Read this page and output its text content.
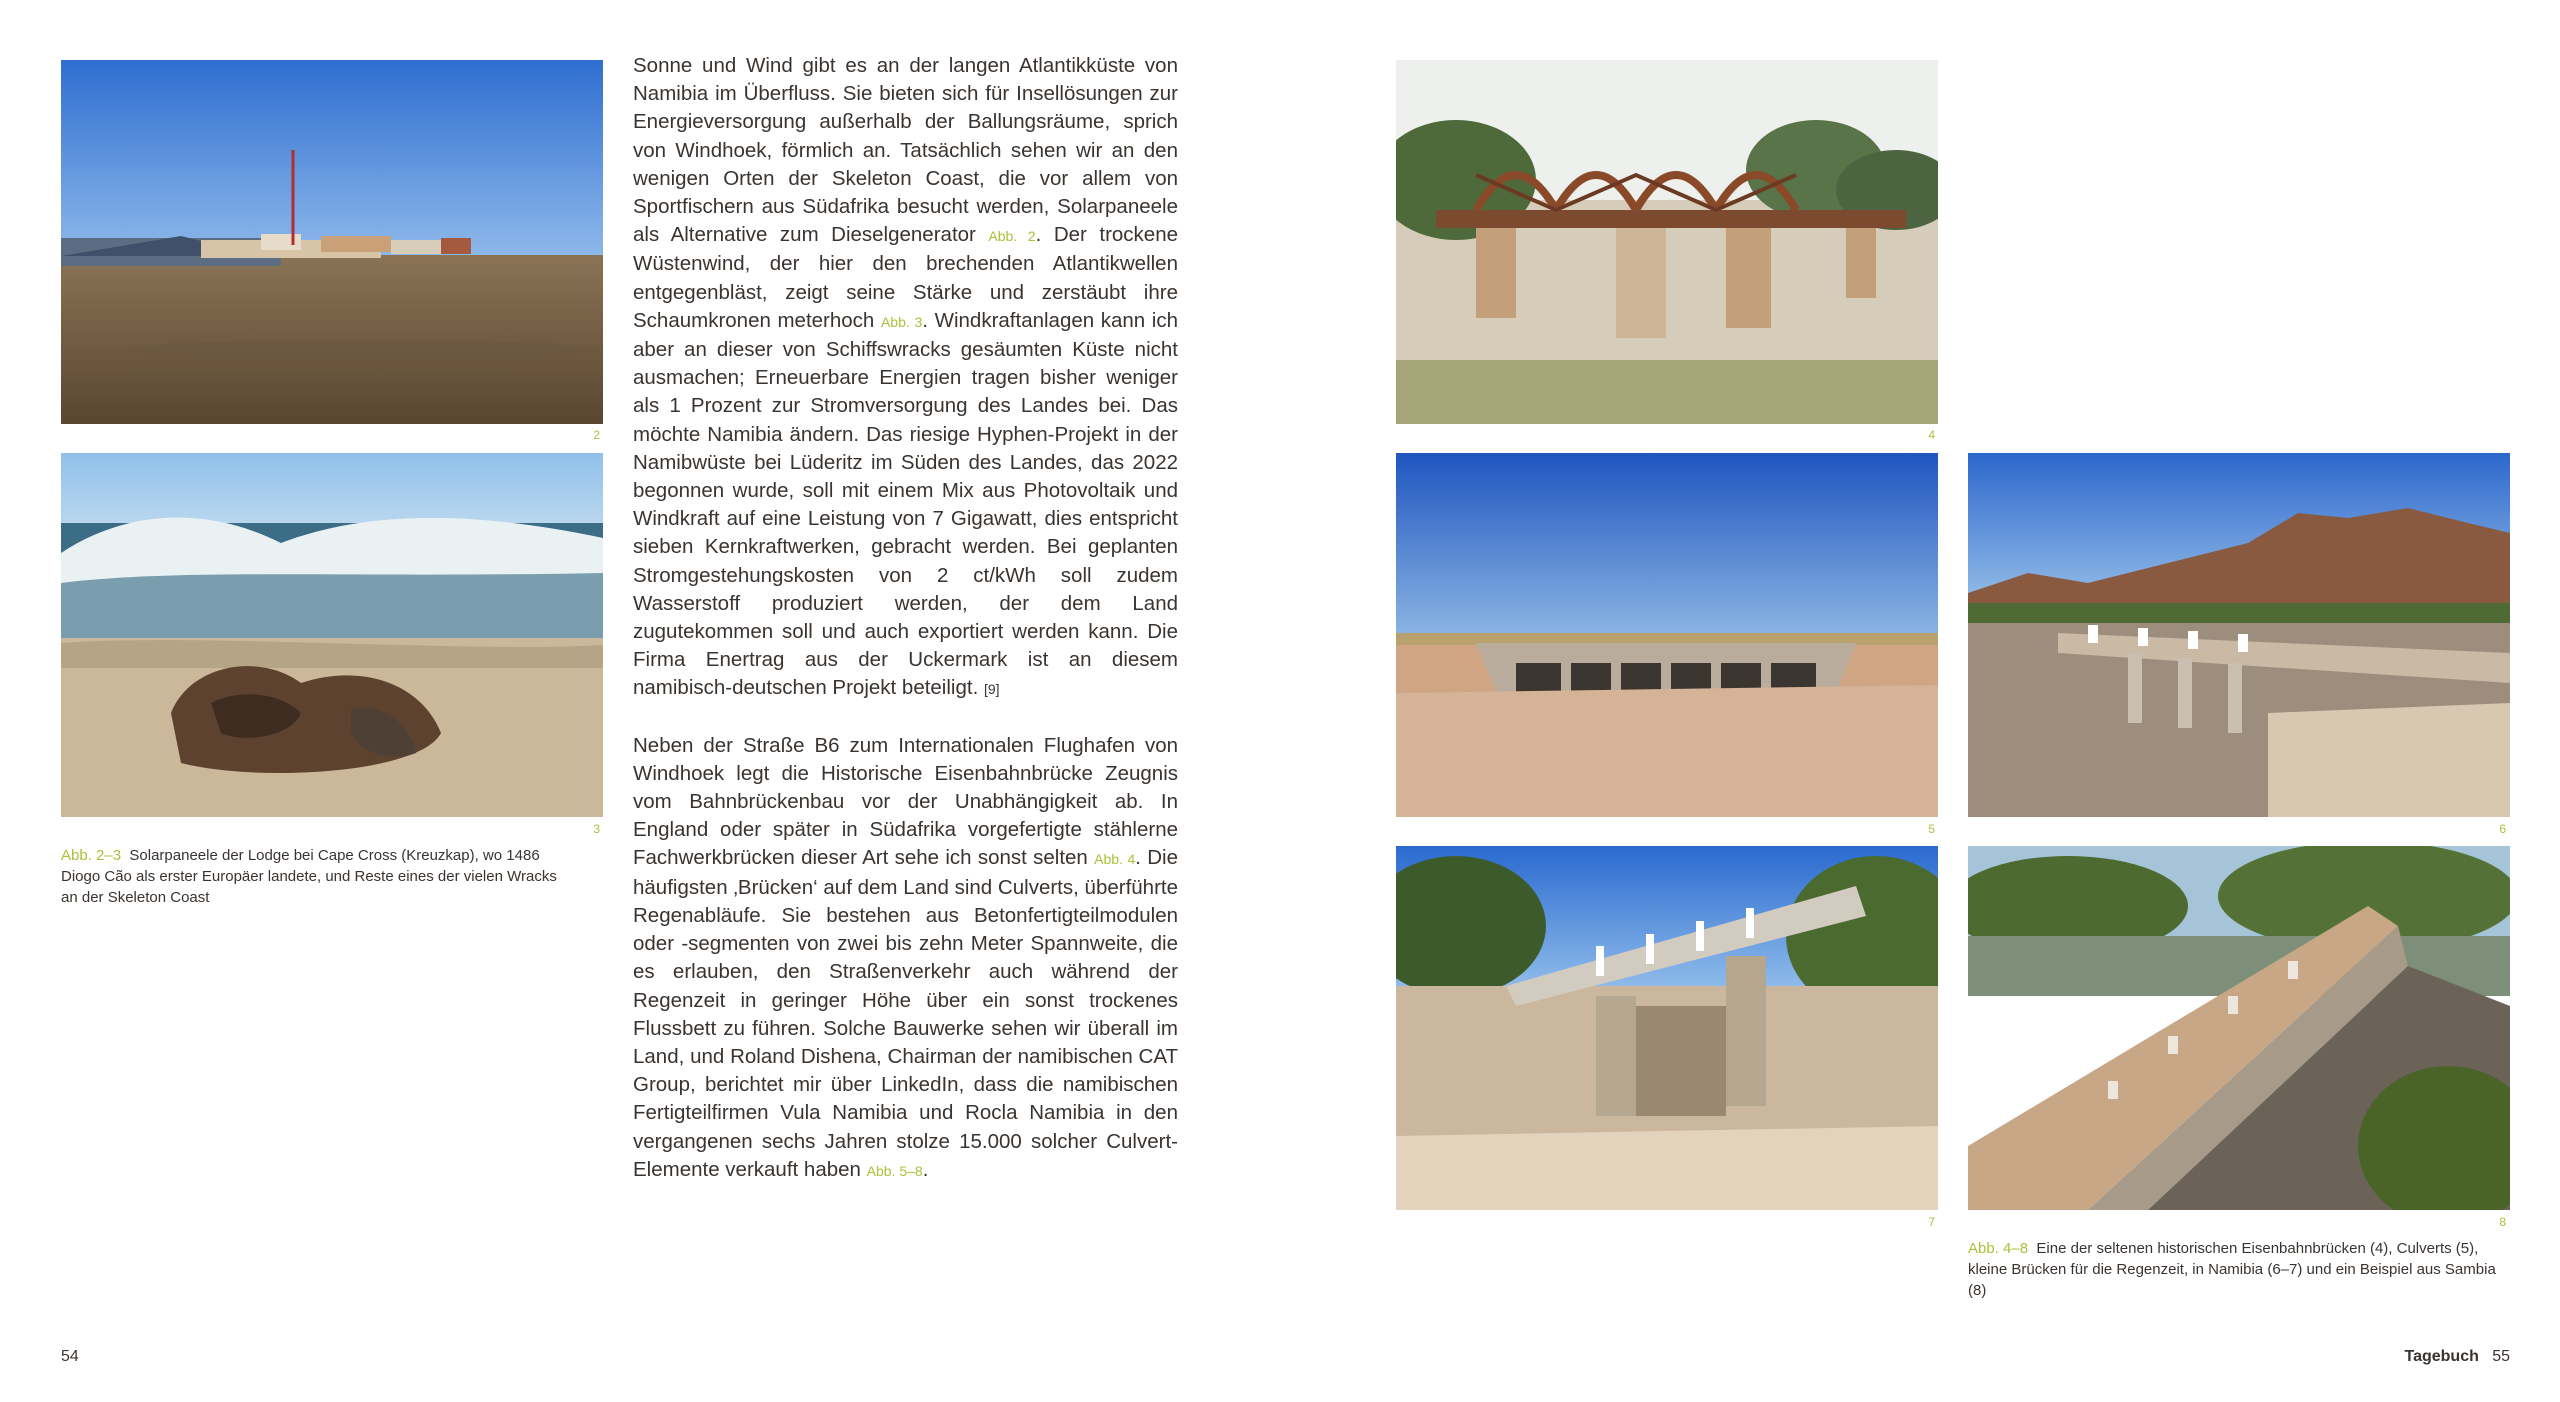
2
3
Abb. 2–3 Solarpaneele der Lodge bei Cape Cross (Kreuzkap), wo 1486 Diogo Cão als erster Europäer landete, und Reste eines der vielen Wracks an der Skeleton Coast

Sonne und Wind gibt es an der langen Atlantikküste von Namibia im Überfluss. Sie bieten sich für Insellösungen zur Energieversorgung außerhalb der Ballungsräume, sprich von Windhoek, förmlich an. Tatsächlich sehen wir an den wenigen Orten der Skeleton Coast, die vor allem von Sportfischern aus Südafrika besucht werden, Solarpaneele als Alternative zum Dieselgenerator Abb. 2. Der trockene Wüstenwind, der hier den brechenden Atlantikwellen entgegenbläst, zeigt seine Stärke und zerstäubt ihre Schaumkronen meterhoch Abb. 3. Windkraftanlagen kann ich aber an dieser von Schiffswracks gesäumten Küste nicht ausmachen; Erneuerbare Energien tragen bisher weniger als 1 Prozent zur Stromversorgung des Landes bei. Das möchte Namibia ändern. Das riesige Hyphen-Projekt in der Namibwüste bei Lüderitz im Süden des Landes, das 2022 begonnen wurde, soll mit einem Mix aus Photovoltaik und Windkraft auf eine Leistung von 7 Gigawatt, dies entspricht sieben Kernkraftwerken, gebracht werden. Bei geplanten Stromgestehungskosten von 2 ct/kWh soll zudem Wasserstoff produziert werden, der dem Land zugutekommen soll und auch exportiert werden kann. Die Firma Enertrag aus der Uckermark ist an diesem namibisch-deutschen Projekt beteiligt. [9]

Neben der Straße B6 zum Internationalen Flughafen von Windhoek legt die Historische Eisenbahnbrücke Zeugnis vom Bahnbrückenbau vor der Unabhängigkeit ab. In England oder später in Südafrika vorgefertigte stählerne Fachwerkbrücken dieser Art sehe ich sonst selten Abb. 4. Die häufigsten ‚Brücken‘ auf dem Land sind Culverts, überführte Regenabläufe. Sie bestehen aus Betonfertigteilmodulen oder -segmenten von zwei bis zehn Meter Spannweite, die es erlauben, den Straßenverkehr auch während der Regenzeit in geringer Höhe über ein sonst trockenes Flussbett zu führen. Solche Bauwerke sehen wir überall im Land, und Roland Dishena, Chairman der namibischen CAT Group, berichtet mir über LinkedIn, dass die namibischen Fertigteilfirmen Vula Namibia und Rocla Namibia in den vergangenen sechs Jahren stolze 15.000 solcher Culvert-Elemente verkauft haben Abb. 5–8.

54
4
5	6
7	8
Abb. 4–8 Eine der seltenen historischen Eisenbahnbrücken (4), Culverts (5), kleine Brücken für die Regenzeit, in Namibia (6–7) und ein Beispiel aus Sambia (8)
Tagebuch 55
